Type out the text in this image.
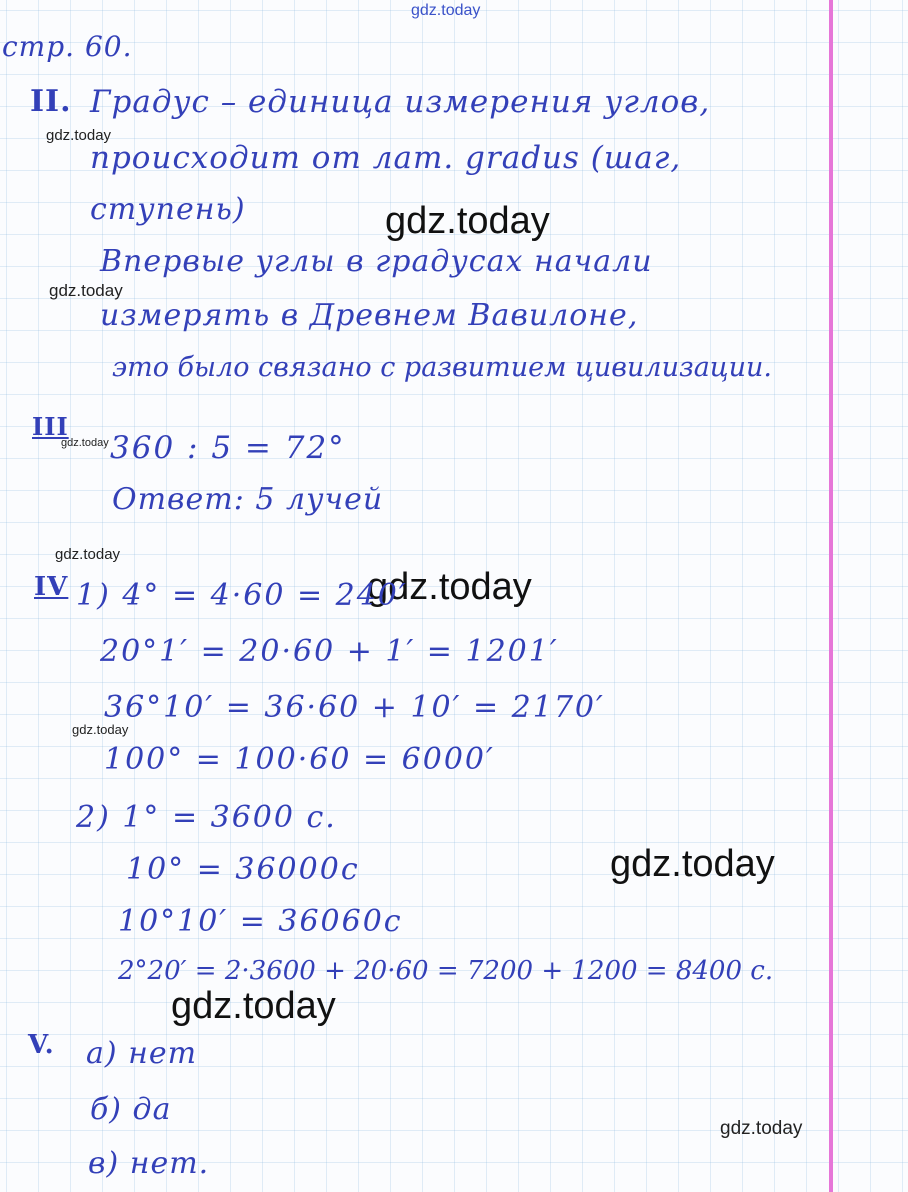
gdz.today
gdz.today
gdz.today
gdz.today
gdz.today
gdz.today
gdz.today
gdz.today
gdz.today
gdz.today
gdz.today
стр. 60.
II. Градус – единица измерения углов,
происходит от лат. gradus (шаг,
ступень)
Впервые углы в градусах начали
измерять в Древнем Вавилоне,
это было связано с развитием цивилизации.
III
360 : 5 = 72°
Ответ: 5 лучей
IV 1) 4° = 4·60 = 240′
20°1′ = 20·60 + 1′ = 1201′
36°10′ = 36·60 + 10′ = 2170′
100° = 100·60 = 6000′
2) 1° = 3600 с.
10° = 36000с
10°10′ = 36060с
2°20′ = 2·3600 + 20·60 = 7200 + 1200 = 8400 с.
V. а) нет
б) да
в) нет.
